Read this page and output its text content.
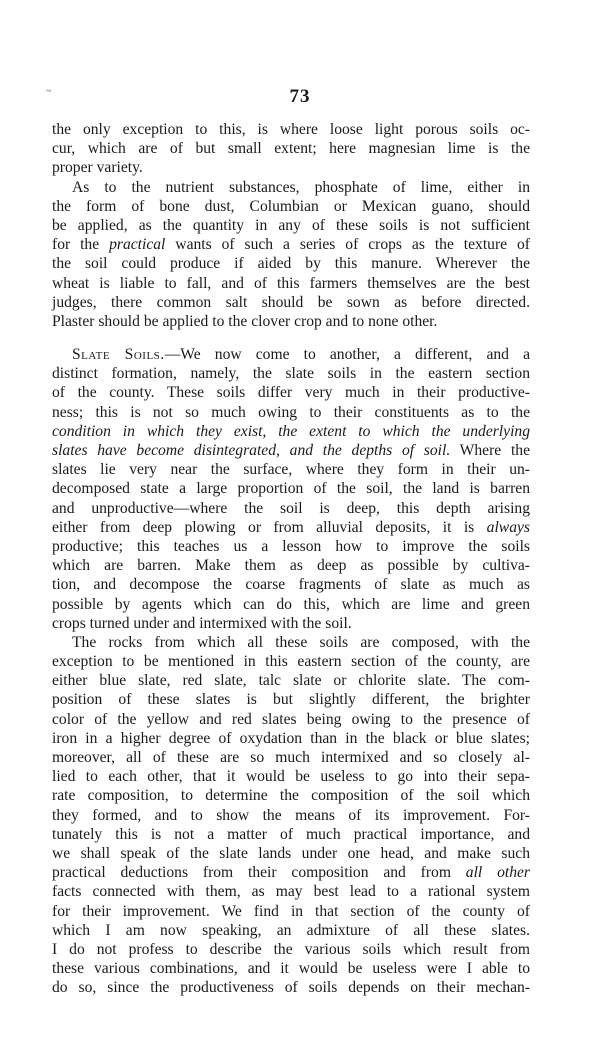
~	73
the only exception to this, is where loose light porous soils oc-
cur, which are of but small extent; here magnesian lime is the
proper variety.
As to the nutrient substances, phosphate of lime, either in
the form of bone dust, Columbian or Mexican guano, should
be applied, as the quantity in any of these soils is not sufficient
for the practical wants of such a series of crops as the texture of
the soil could produce if aided by this manure. Wherever the
wheat is liable to fall, and of this farmers themselves are the best
judges, there common salt should be sown as before directed.
Plaster should be applied to the clover crop and to none other.
Slate Soils.—We now come to another, a different, and a
distinct formation, namely, the slate soils in the eastern section
of the county. These soils differ very much in their productive-
ness; this is not so much owing to their constituents as to the
condition in which they exist, the extent to which the underlying
slates have become disintegrated, and the depths of soil. Where the
slates lie very near the surface, where they form in their un-
decomposed state a large proportion of the soil, the land is barren
and unproductive—where the soil is deep, this depth arising
either from deep plowing or from alluvial deposits, it is always
productive; this teaches us a lesson how to improve the soils
which are barren. Make them as deep as possible by cultiva-
tion, and decompose the coarse fragments of slate as much as
possible by agents which can do this, which are lime and green
crops turned under and intermixed with the soil.
The rocks from which all these soils are composed, with the
exception to be mentioned in this eastern section of the county, are
either blue slate, red slate, talc slate or chlorite slate. The com-
position of these slates is but slightly different, the brighter
color of the yellow and red slates being owing to the presence of
iron in a higher degree of oxydation than in the black or blue slates;
moreover, all of these are so much intermixed and so closely al-
lied to each other, that it would be useless to go into their sepa-
rate composition, to determine the composition of the soil which
they formed, and to show the means of its improvement. For-
tunately this is not a matter of much practical importance, and
we shall speak of the slate lands under one head, and make such
practical deductions from their composition and from all other
facts connected with them, as may best lead to a rational system
for their improvement. We find in that section of the county of
which I am now speaking, an admixture of all these slates.
I do not profess to describe the various soils which result from
these various combinations, and it would be useless were I able to
do so, since the productiveness of soils depends on their mechan-
